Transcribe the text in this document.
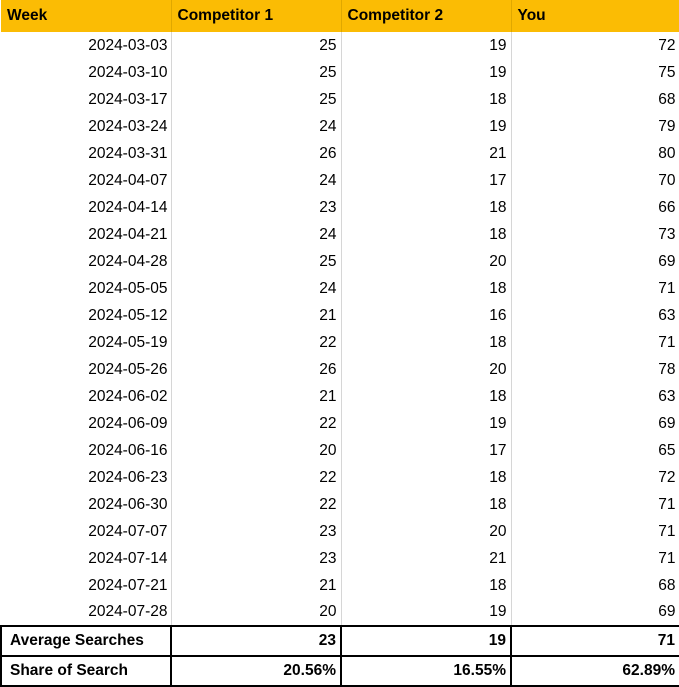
Week	Competitor 1	Competitor 2	You
2024-03-03	25	19	72
2024-03-10	25	19	75
2024-03-17	25	18	68
2024-03-24	24	19	79
2024-03-31	26	21	80
2024-04-07	24	17	70
2024-04-14	23	18	66
2024-04-21	24	18	73
2024-04-28	25	20	69
2024-05-05	24	18	71
2024-05-12	21	16	63
2024-05-19	22	18	71
2024-05-26	26	20	78
2024-06-02	21	18	63
2024-06-09	22	19	69
2024-06-16	20	17	65
2024-06-23	22	18	72
2024-06-30	22	18	71
2024-07-07	23	20	71
2024-07-14	23	21	71
2024-07-21	21	18	68
2024-07-28	20	19	69
Average Searches	23	19	71
Share of Search	20.56%	16.55%	62.89%
